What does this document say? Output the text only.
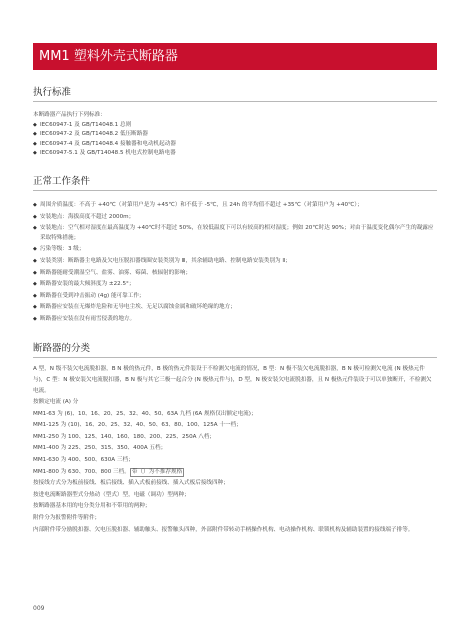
MM1 塑料外壳式断路器
执行标准
本断路器产品执行下列标准：
◆ IEC60947-1 及 GB/T14048.1 总则
◆ IEC60947-2 及 GB/T14048.2 低压断路器
◆ IEC60947-4 及 GB/T14048.4 接触器和电动机起动器
◆ IEC60947-5.1 及 GB/T14048.5 机电式控制电路电器
正常工作条件
◆ 周围介质温度：不高于 +40℃（对第用户是为 +45℃）和不低于 -5℃，且 24h 的平均值不超过 +35℃（对第用户为 +40℃）；
◆ 安装地点：海拔高度不超过 2000m；
◆ 安装地点：空气相对湿度在最高温度为 +40℃时不超过 50%，在较低温度下可以有较高的相对湿度；例如 20℃时达 90%；对由于温度变化偶尔产生的凝露应采取特殊措施；
◆ 污染等级：3 级；
◆ 安装类别：断路器主电路及欠电压脱扣器线圈安装类别为 Ⅲ，其余辅助电路、控制电路安装类别为 Ⅱ；
◆ 断路器能耐受潮湿空气、盐雾、油雾、霉菌、核辐射的影响；
◆ 断路器安装的最大倾斜度为 ±22.5°；
◆ 断路器在受到冲击振动 (4g) 能可靠工作；
◆ 断路器应安装在无爆炸危险和无导电尘埃、无足以腐蚀金属和破坏绝缘的地方；
◆ 断路器应安装在没有雨雪侵袭的地方。
断路器的分类
A 型，N 级不装欠电流脱扣器，B N 极的热元件，B 极的热元件装设于不检测欠电流的情况，B 型：N 极不装欠电流脱扣器，B N 极可检测欠电流 (N 极热元件与)，C 型：N 极安装欠电流脱扣器，B N 极与其它三极一起合分 (N 极热元件与)，D 型，N 极安装欠电流脱扣器，且 N 极热元件装设于可以单独断开，不检测欠电流。
按额定电流 (A) 分
MM1-63 为 (6)、10、16、20、25、32、40、50、63A 九档 (6A 规格仅出额定电流)；
MM1-125 为 (10)、16、20、25、32、40、50、63、80、100、125A 十一档；
MM1-250 为 100、125、140、160、180、200、225、250A 八档；
MM1-400 为 225、250、315、350、400A 五档；
MM1-630 为 400、500、630A 三档；
MM1-800 为 630、700、800 三档。 带（）为不推荐规格
按接线方式分为板前接线、板后接线、插入式板前接线、插入式板后接线四种；
按进电流断路器型式分热动（型式）型，电磁（调功）型两种；
按断路器基本用的电分类分用和不带用的两种；
附件分为报警附件等附件；
内部附件带分励脱扣器、欠电压脱扣器、辅助触头、报警触头四种，外部附件带转动手柄操作机构、电动操作机构、联锁机构及辅助装置的接线端子排等。
009
